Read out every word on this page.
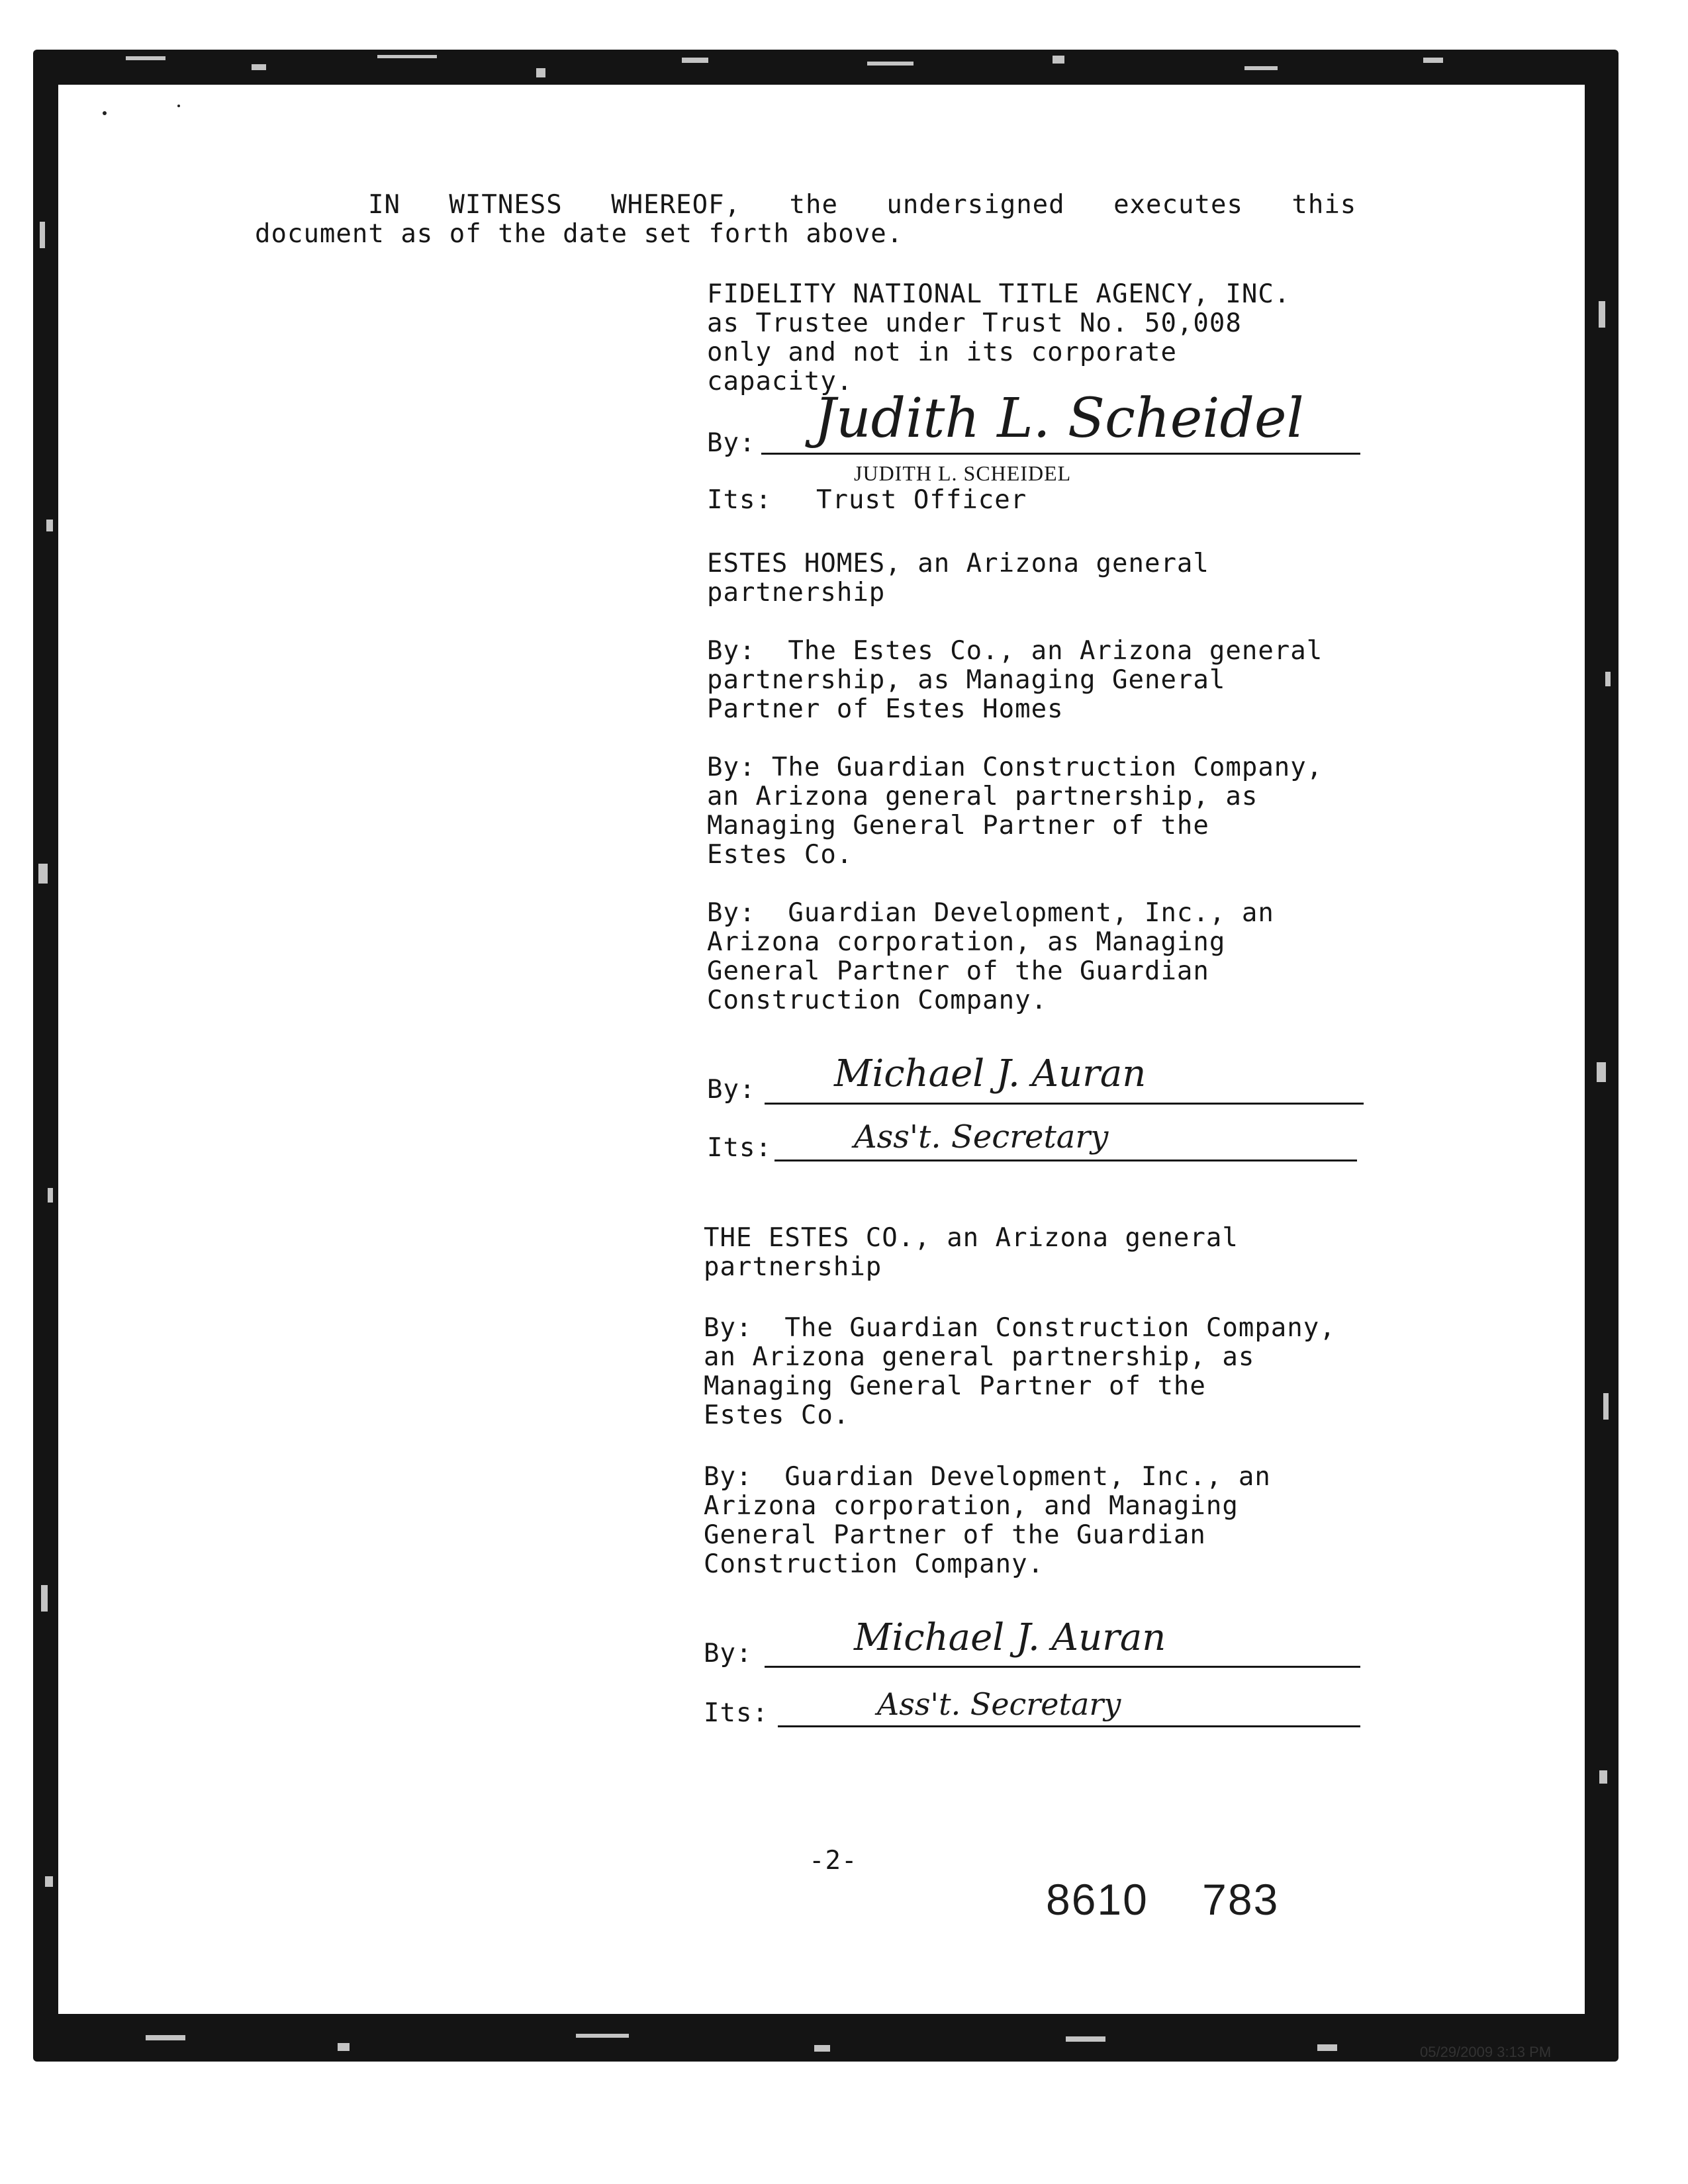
IN   WITNESS   WHEREOF,   the   undersigned   executes   this
document as of the date set forth above.
FIDELITY NATIONAL TITLE AGENCY, INC.
as Trustee under Trust No. 50,008
only and not in its corporate
capacity.
By: Judith L. Scheidel
JUDITH L. SCHEIDEL
Its: Trust Officer
ESTES HOMES, an Arizona general
partnership
By:  The Estes Co., an Arizona general
partnership, as Managing General
Partner of Estes Homes
By: The Guardian Construction Company,
an Arizona general partnership, as
Managing General Partner of the
Estes Co.
By:  Guardian Development, Inc., an
Arizona corporation, as Managing
General Partner of the Guardian
Construction Company.
By: Michael J. Auran
Its:	Ass't. Secretary
THE ESTES CO., an Arizona general
partnership
By:  The Guardian Construction Company,
an Arizona general partnership, as
Managing General Partner of the
Estes Co.
By:  Guardian Development, Inc., an
Arizona corporation, and Managing
General Partner of the Guardian
Construction Company.
By:	Michael J. Auran
Its:	Ass't. Secretary
-2-
8610    783
05/29/2009 3:13 PM
